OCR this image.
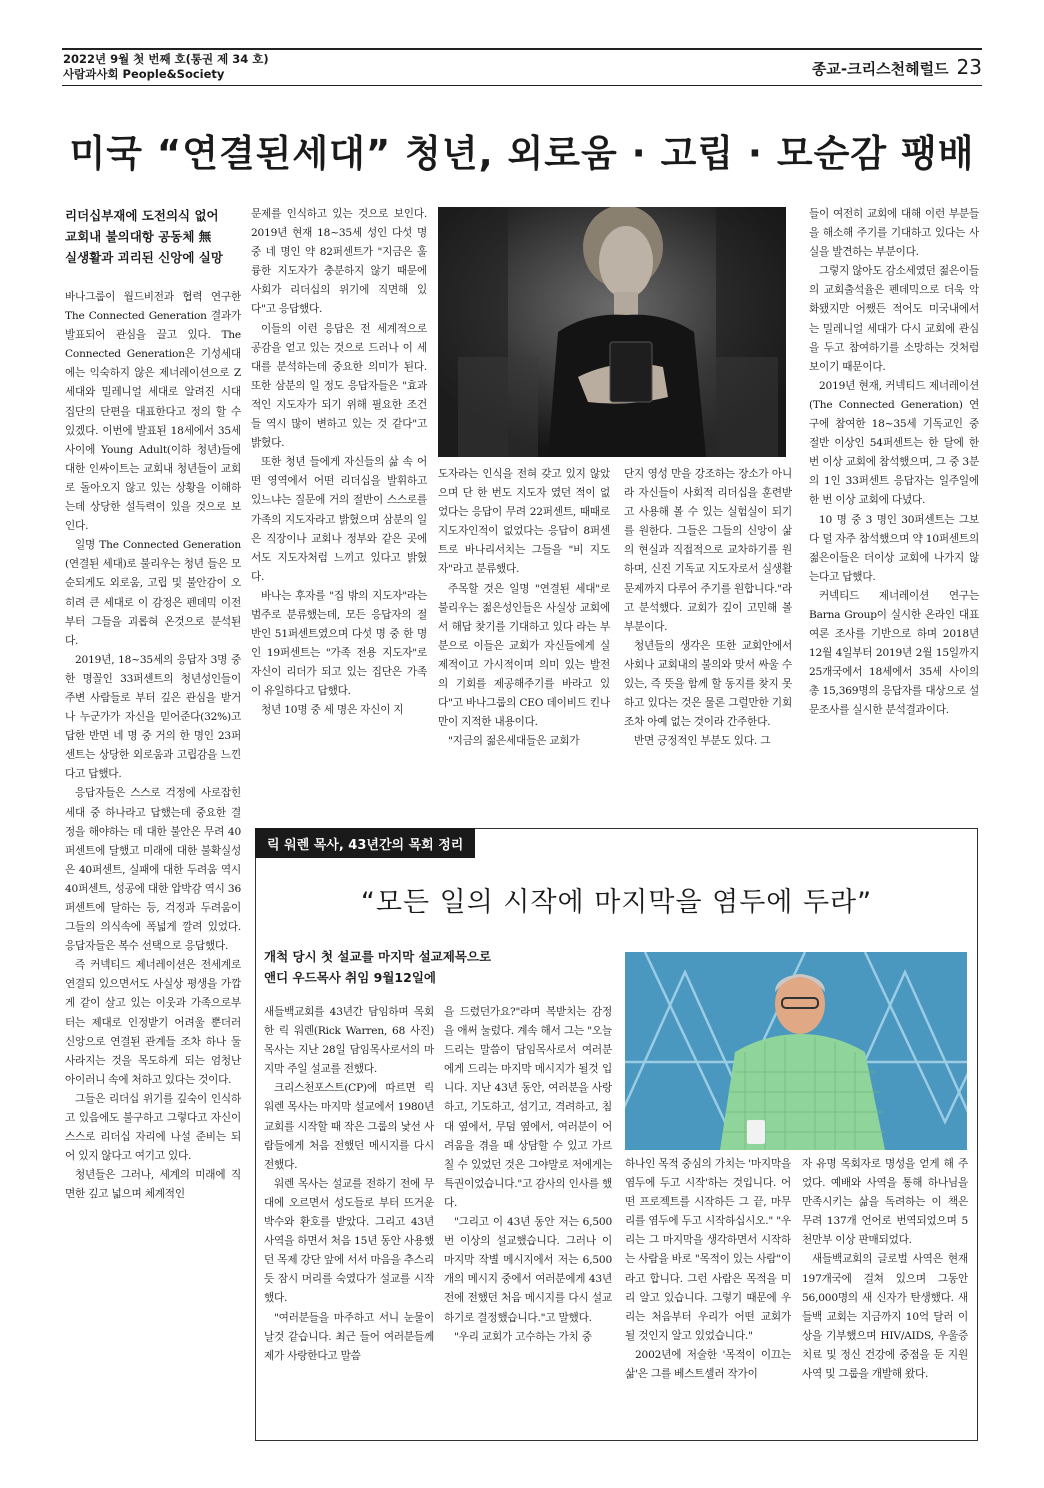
2022년 9월 첫 번째 호(통권 제 34 호)
사람과사회 People&Society	종교-크리스천헤럴드 23
미국 “연결된세대” 청년, 외로움 · 고립 · 모순감 팽배
리더십부재에 도전의식 없어
교회내 불의대항 공동체 無
실생활과 괴리된 신앙에 실망

바나그룹이 월드비전과 협력 연구한 The Connected Generation 결과가 발표되어 관심을 끌고 있다. The Connected Generation은 기성세대에는 익숙하지 않은 제너레이션으로 Z세대와 밀레니얼 세대로 알려진 시대 집단의 단편을 대표한다고 정의 할 수 있겠다. 이번에 발표된 18세에서 35세 사이에 Young Adult(이하 청년)들에 대한 인싸이트는 교회내 청년들이 교회로 돌아오지 않고 있는 상황을 이해하는데 상당한 설득력이 있을 것으로 보인다.

일명 The Connected Generation (연결된 세대)로 불리우는 청년 들은 모순되게도 외로움, 고립 및 불안감이 오히려 큰 세대로 이 감정은 펜데믹 이전 부터 그들을 괴롭혀 온것으로 분석된다.

2019년, 18~35세의 응답자 3명 중 한 명꼴인 33퍼센트의 청년성인들이 주변 사람들로 부터 깊은 관심을 받거나 누군가가 자신을 믿어준다(32%)고 답한 반면 네 명 중 거의 한 명인 23퍼센트는 상당한 외로움과 고립감을 느낀다고 답했다.

응답자들은 스스로 걱정에 사로잡힌 세대 중 하나라고 답했는데 중요한 결정을 해야하는 데 대한 불안은 무려 40퍼센트에 달했고 미래에 대한 불확실성은 40퍼센트, 실패에 대한 두려움 역시 40퍼센트, 성공에 대한 압박감 역시 36퍼센트에 달하는 등, 걱정과 두려움이 그들의 의식속에 폭넓게 깔려 있었다. 응답자들은 복수 선택으로 응답했다.

즉 커넥티드 제너레이션은 전세계로 연결되 있으면서도 사실상 평생을 가깝게 같이 살고 있는 이웃과 가족으로부터는 제대로 인정받기 어려울 뿐더러 신앙으로 연결된 관계들 조차 하나 둘 사라지는 것을 목도하게 되는 엄청난 아이러니 속에 처하고 있다는 것이다.

그들은 리더십 위기를 깊숙이 인식하고 있음에도 불구하고 그렇다고 자신이 스스로 리더십 자리에 나설 준비는 되어 있지 않다고 여기고 있다.

청년들은 그러나, 세계의 미래에 직면한 깊고 넓으며 체계적인

문제를 인식하고 있는 것으로 보인다. 2019년 현재 18~35세 성인 다섯 명 중 네 명인 약 82퍼센트가 "지금은 훌륭한 지도자가 충분하지 않기 때문에 사회가 리더십의 위기에 직면해 있다"고 응답했다.

이들의 이런 응답은 전 세계적으로 공감을 얻고 있는 것으로 드러나 이 세대를 분석하는데 중요한 의미가 된다. 또한 삼분의 일 정도 응답자들은 "효과적인 지도자가 되기 위해 필요한 조건들 역시 많이 변하고 있는 것 같다"고 밝혔다.

또한 청년 들에게 자신들의 삶 속 어떤 영역에서 어떤 리더십을 발휘하고 있느냐는 질문에 거의 절반이 스스로를 가족의 지도자라고 밝혔으며 삼분의 일은 직장이나 교회나 정부와 같은 곳에서도 지도자처럼 느끼고 있다고 밝혔다.

바나는 후자를 "집 밖의 지도자"라는 범주로 분류했는데, 모든 응답자의 절반인 51퍼센트였으며 다섯 명 중 한 명인 19퍼센트는 "가족 전용 지도자"로 자신이 리더가 되고 있는 집단은 가족이 유일하다고 답했다.

청년 10명 중 세 명은 자신이 지

도자라는 인식을 전혀 갖고 있지 않았으며 단 한 번도 지도자 였던 적이 없었다는 응답이 무려 22퍼센트, 때때로 지도자인적이 없었다는 응답이 8퍼센트로 바나리서치는 그들을 "비 지도자"라고 분류했다.

주목할 것은 일명 "연결된 세대"로 불리우는 젊은성인들은 사실상 교회에서 해답 찾기를 기대하고 있다 라는 부분으로 이들은 교회가 자신들에게 실제적이고 가시적이며 의미 있는 발전의 기회를 제공해주기를 바라고 있다"고 바나그룹의 CEO 데이비드 킨나만이 지적한 내용이다.

"지금의 젊은세대들은 교회가

단지 영성 만을 강조하는 장소가 아니라 자신들이 사회적 리더십을 훈련받고 사용해 볼 수 있는 실험실이 되기를 원한다. 그들은 그들의 신앙이 삶의 현실과 직접적으로 교차하기를 원하며, 신진 기독교 지도자로서 실생활 문제까지 다루어 주기를 원합니다."라고 분석했다. 교회가 깊이 고민해 볼 부분이다.

청년들의 생각은 또한 교회안에서 사회나 교회내의 불의와 맞서 싸울 수 있는, 즉 뜻을 함께 할 동지를 찾지 못하고 있다는 것은 물론 그럴만한 기회조차 아예 없는 것이라 간주한다.

반면 긍정적인 부분도 있다. 그

들이 여전히 교회에 대해 이런 부분들을 해소해 주기를 기대하고 있다는 사실을 발견하는 부분이다.

그렇지 않아도 감소세였던 젊은이들의 교회출석율은 펜데믹으로 더욱 악화됐지만 어쨌든 적어도 미국내에서는 밀레니얼 세대가 다시 교회에 관심을 두고 참여하기를 소망하는 것처럼 보이기 때문이다.

2019년 현재, 커넥티드 제너레이션(The Connected Generation) 연구에 참여한 18~35세 기독교인 중 절반 이상인 54퍼센트는 한 달에 한 번 이상 교회에 참석했으며, 그 중 3분의 1인 33퍼센트 응답자는 일주일에 한 번 이상 교회에 다녔다.

10 명 중 3 명인 30퍼센트는 그보다 덜 자주 참석했으며 약 10퍼센트의 젊은이들은 더이상 교회에 나가지 않는다고 답했다.

커넥티드 제너레이션 연구는 Barna Group이 실시한 온라인 대표 여론 조사를 기반으로 하며 2018년 12월 4일부터 2019년 2월 15일까지 25개국에서 18세에서 35세 사이의 총 15,369명의 응답자를 대상으로 설문조사를 실시한 분석결과이다.

릭 워렌 목사, 43년간의 목회 정리
“모든 일의 시작에 마지막을 염두에 두라”
개척 당시 첫 설교를 마지막 설교제목으로
앤디 우드목사 취임 9월12일에

새들백교회를 43년간 담임하며 목회한 릭 워렌(Rick Warren, 68 사진) 목사는 지난 28일 담임목사로서의 마지막 주일 설교를 전했다.

크리스천포스트(CP)에 따르면 릭 워렌 목사는 마지막 설교에서 1980년 교회를 시작할 때 작은 그룹의 낯선 사람들에게 처음 전했던 메시지를 다시 전했다.

워렌 목사는 설교를 전하기 전에 무대에 오르면서 성도들로 부터 뜨거운 박수와 환호를 받았다. 그리고 43년 사역을 하면서 처음 15년 동안 사용했던 목제 강단 앞에 서서 마음을 추스리듯 잠시 머리를 숙였다가 설교를 시작했다.

"여러분들을 마주하고 서니 눈물이 날것 같습니다. 최근 들어 여러분들께 제가 사랑한다고 말씀

을 드렸던가요?"라며 복받치는 감정을 애써 눌렀다. 계속 해서 그는 "오늘 드리는 말씀이 담임목사로서 여러분에게 드리는 마지막 메시지가 될것 입니다. 지난 43년 동안, 여러분을 사랑하고, 기도하고, 섬기고, 격려하고, 침대 옆에서, 무덤 옆에서, 여러분이 어려움을 겪을 때 상담할 수 있고 가르칠 수 있었던 것은 그야말로 저에게는 특권이었습니다."고 감사의 인사를 했다.

"그리고 이 43년 동안 저는 6,500번 이상의 설교했습니다. 그러나 이 마지막 작별 메시지에서 저는 6,500개의 메시지 중에서 여러분에게 43년전에 전했던 처음 메시지를 다시 설교하기로 결정했습니다."고 말했다.

"우리 교회가 고수하는 가치 중

하나인 목적 중심의 가치는 '마지막을 염두에 두고 시작'하는 것입니다. 어떤 프로젝트를 시작하든 그 끝, 마무리를 염두에 두고 시작하십시오." "우리는 그 마지막을 생각하면서 시작하는 사람을 바로 "목적이 있는 사람"이라고 합니다. 그런 사람은 목적을 미리 알고 있습니다. 그렇기 때문에 우리는 처음부터 우리가 어떤 교회가 될 것인지 알고 있었습니다."

2002년에 저술한 '목적이 이끄는 삶'은 그를 베스트셀러 작가이

자 유명 목회자로 명성을 얻게 해 주었다. 예배와 사역을 통해 하나님을 만족시키는 삶을 독려하는 이 책은 무려 137개 언어로 번역되었으며 5천만부 이상 판매되었다.

새들백교회의 글로벌 사역은 현재 197개국에 걸쳐 있으며 그동안 56,000명의 새 신자가 탄생했다. 새들백 교회는 지금까지 10억 달러 이상을 기부했으며 HIV/AIDS, 우울증 치료 및 정신 건강에 중점을 둔 지원 사역 및 그룹을 개발해 왔다.
